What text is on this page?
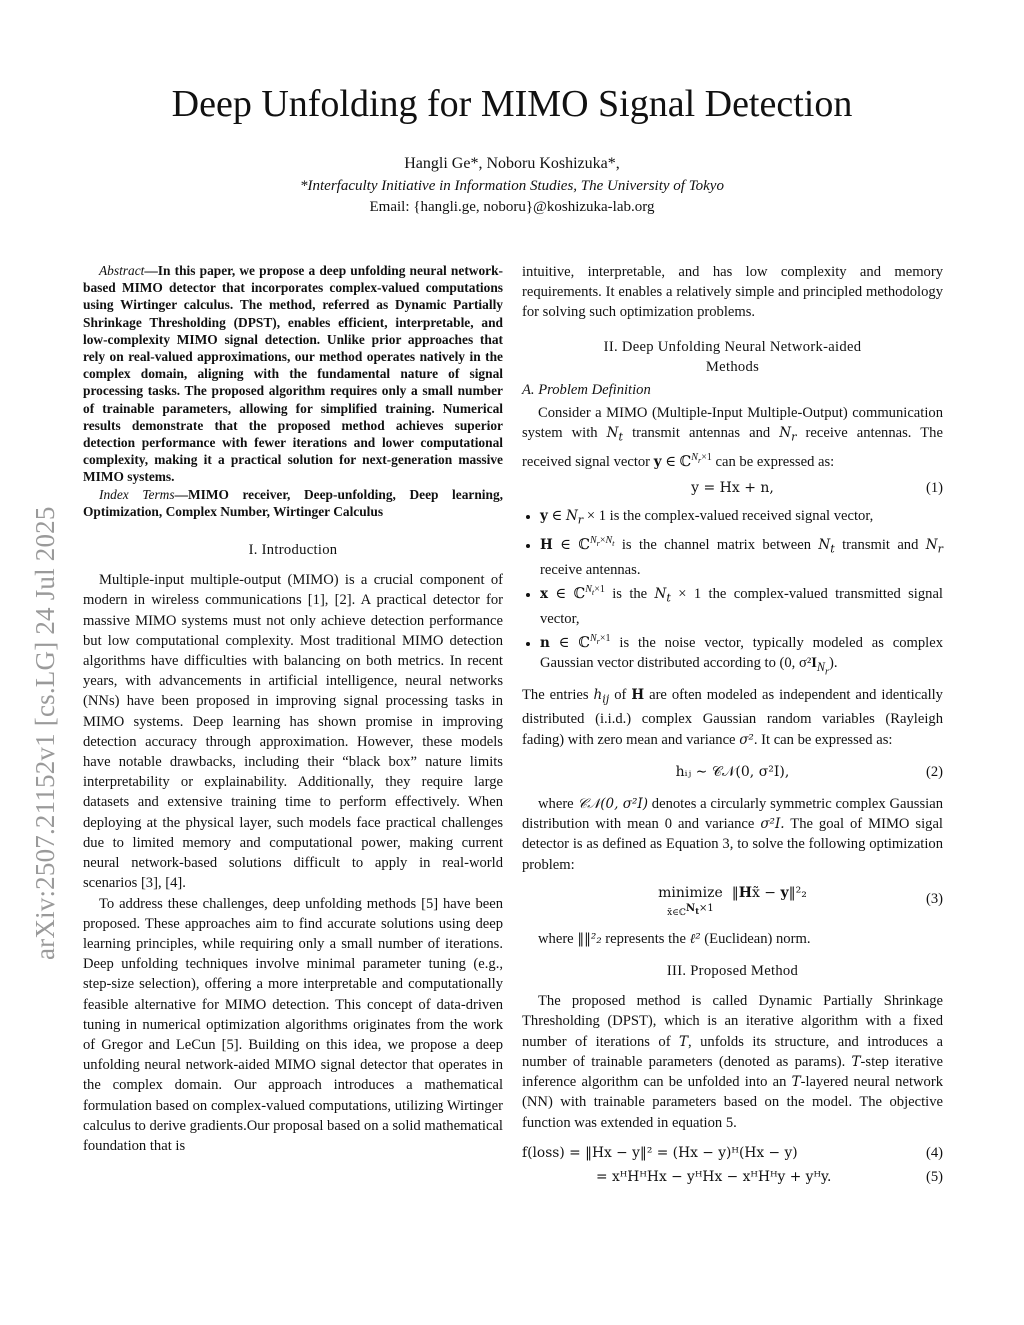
arXiv:2507.21152v1 [cs.LG] 24 Jul 2025
Deep Unfolding for MIMO Signal Detection
Hangli Ge*, Noboru Koshizuka*,
*Interfaculty Initiative in Information Studies, The University of Tokyo
Email: {hangli.ge, noboru}@koshizuka-lab.org

Abstract—In this paper, we propose a deep unfolding neural network-based MIMO detector that incorporates complex-valued computations using Wirtinger calculus. The method, referred as Dynamic Partially Shrinkage Thresholding (DPST), enables efficient, interpretable, and low-complexity MIMO signal detection. Unlike prior approaches that rely on real-valued approximations, our method operates natively in the complex domain, aligning with the fundamental nature of signal processing tasks. The proposed algorithm requires only a small number of trainable parameters, allowing for simplified training. Numerical results demonstrate that the proposed method achieves superior detection performance with fewer iterations and lower computational complexity, making it a practical solution for next-generation massive MIMO systems.

Index Terms—MIMO receiver, Deep-unfolding, Deep learning, Optimization, Complex Number, Wirtinger Calculus

I. Introduction

Multiple-input multiple-output (MIMO) is a crucial component of modern in wireless communications [1], [2]. A practical detector for massive MIMO systems must not only achieve detection performance but low computational complexity. Most traditional MIMO detection algorithms have difficulties with balancing on both metrics. In recent years, with advancements in artificial intelligence, neural networks (NNs) have been proposed in improving signal processing tasks in MIMO systems. Deep learning has shown promise in improving detection accuracy through approximation. However, these models have notable drawbacks, including their “black box” nature limits interpretability or explainability. Additionally, they require large datasets and extensive training time to perform effectively. When deploying at the physical layer, such models face practical challenges due to limited memory and computational power, making current neural network-based solutions difficult to apply in real-world scenarios [3], [4].

To address these challenges, deep unfolding methods [5] have been proposed. These approaches aim to find accurate solutions using deep learning principles, while requiring only a small number of iterations. Deep unfolding techniques involve minimal parameter tuning (e.g., step-size selection), offering a more interpretable and computationally feasible alternative for MIMO detection. This concept of data-driven tuning in numerical optimization algorithms originates from the work of Gregor and LeCun [5]. Building on this idea, we propose a deep unfolding neural network-aided MIMO signal detector that operates in the complex domain. Our approach introduces a mathematical formulation based on complex-valued computations, utilizing Wirtinger calculus to derive gradients.Our proposal based on a solid mathematical foundation that is

intuitive, interpretable, and has low complexity and memory requirements. It enables a relatively simple and principled methodology for solving such optimization problems.

II. Deep Unfolding Neural Network-aided
Methods
A. Problem Definition

Consider a MIMO (Multiple-Input Multiple-Output) communication system with $N_t$ transmit antennas and $N_r$ receive antennas. The received signal vector y ∈ ℂ$^{N_r\times 1}$ can be expressed as:

y = Hx + n,	(1)
• y ∈ $N_r \times 1$ is the complex-valued received signal vector,
• H ∈ ℂ$^{N_r\times N_t}$ is the channel matrix between $N_t$ transmit and $N_r$ receive antennas.
• x ∈ ℂ$^{N_t\times 1}$ is the $N_t \times 1$ the complex-valued transmitted signal vector,
• n ∈ ℂ$^{N_r\times 1}$ is the noise vector, typically modeled as complex Gaussian vector distributed according to (0, $\sigma^2I_{N_r}$).

The entries $h_{ij}$ of H are often modeled as independent and identically distributed (i.i.d.) complex Gaussian random variables (Rayleigh fading) with zero mean and variance σ². It can be expressed as:

hᵢⱼ ∼ 𝒞𝒩(0, σ²I),	(2)

where 𝒞𝒩(0, σ²I) denotes a circularly symmetric complex Gaussian distribution with mean 0 and variance σ²I. The goal of MIMO sigal detector is as defined as Equation 3, to solve the following optimization problem:

minimize
x̃∈ℂ$^{N_t\times 1}$  ‖Hx̃ − y‖²₂	(3)

where ‖‖²₂ represents the ℓ² (Euclidean) norm.

III. Proposed Method

The proposed method is called Dynamic Partially Shrinkage Thresholding (DPST), which is an iterative algorithm with a fixed number of iterations of T, unfolds its structure, and introduces a number of trainable parameters (denoted as params). T-step iterative inference algorithm can be unfolded into an T-layered neural network (NN) with trainable parameters based on the model. The objective function was extended in equation 5.

f(loss) = ‖Hx − y‖² = (Hx − y)ᴴ(Hx − y)	(4)
= xᴴHᴴHx − yᴴHx − xᴴHᴴy + yᴴy.	(5)
